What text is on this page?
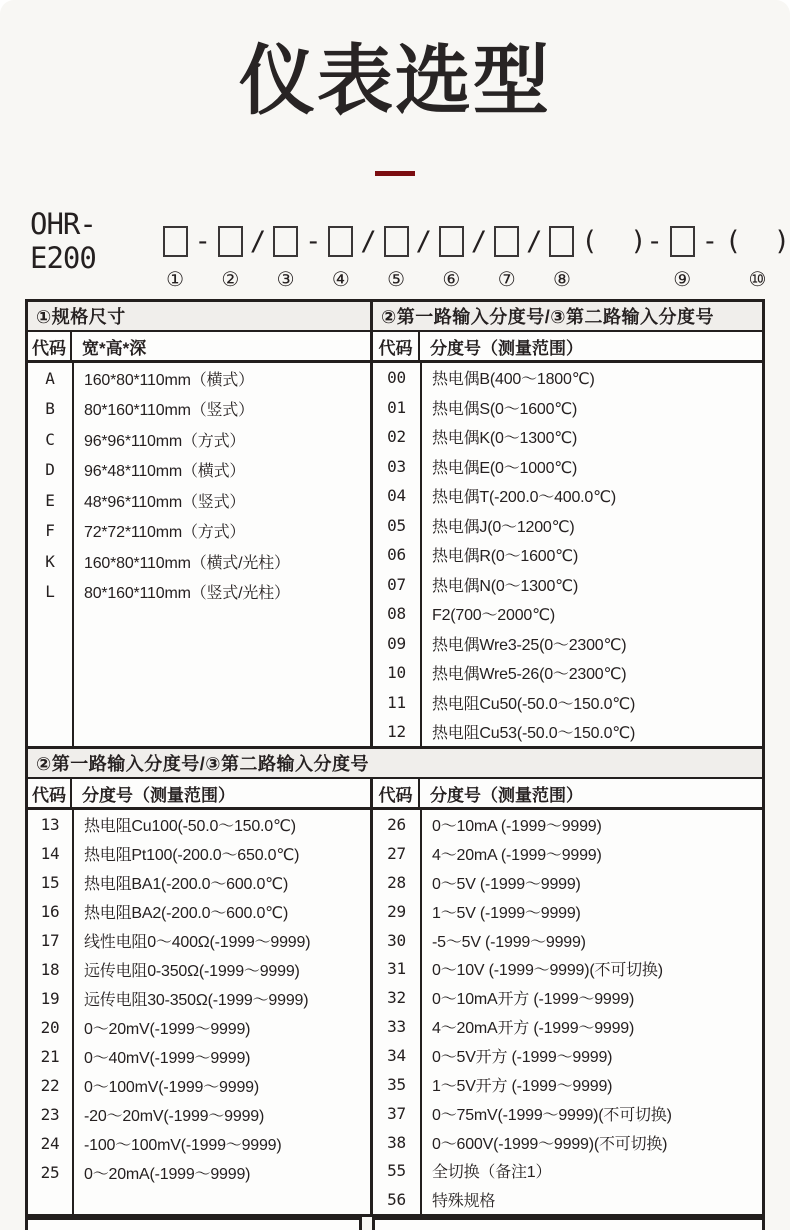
仪表选型
OHR-E200
①
-
②
/
③
-
④
/
⑤
/
⑥
/
⑦
/
⑧
(  )-
⑨
- (  )
⑩
①规格尺寸
代码 宽*高*深
A	160*80*110mm（横式）
B	80*160*110mm（竖式）
C	96*96*110mm（方式）
D	96*48*110mm（横式）
E	48*96*110mm（竖式）
F	72*72*110mm（方式）
K	160*80*110mm（横式/光柱）
L	80*160*110mm（竖式/光柱）
②第一路输入分度号/③第二路输入分度号
代码	分度号（测量范围）
00	热电偶B(400～1800℃)
01	热电偶S(0～1600℃)
02	热电偶K(0～1300℃)
03	热电偶E(0～1000℃)
04	热电偶T(-200.0～400.0℃)
05	热电偶J(0～1200℃)
06	热电偶R(0～1600℃)
07	热电偶N(0～1300℃)
08	F2(700～2000℃)
09	热电偶Wre3-25(0～2300℃)
10	热电偶Wre5-26(0～2300℃)
11	热电阻Cu50(-50.0～150.0℃)
12	热电阻Cu53(-50.0～150.0℃)
②第一路输入分度号/③第二路输入分度号
代码 分度号（测量范围）
13	热电阻Cu100(-50.0～150.0℃)
14	热电阻Pt100(-200.0～650.0℃)
15	热电阻BA1(-200.0～600.0℃)
16	热电阻BA2(-200.0～600.0℃)
17	线性电阻0～400Ω(-1999～9999)
18	远传电阻0-350Ω(-1999～9999)
19	远传电阻30-350Ω(-1999～9999)
20	0～20mV(-1999～9999)
21	0～40mV(-1999～9999)
22	0～100mV(-1999～9999)
23	-20～20mV(-1999～9999)
24	-100～100mV(-1999～9999)
25	0～20mA(-1999～9999)
代码	分度号（测量范围）
26	0～10mA (-1999～9999)
27	4～20mA (-1999～9999)
28	0～5V (-1999～9999)
29	1～5V (-1999～9999)
30	-5～5V (-1999～9999)
31	0～10V (-1999～9999)(不可切换)
32	0～10mA开方 (-1999～9999)
33	4～20mA开方 (-1999～9999)
34	0～5V开方 (-1999～9999)
35	1～5V开方 (-1999～9999)
37	0～75mV(-1999～9999)(不可切换)
38	0～600V(-1999～9999)(不可切换)
55	全切换（备注1）
56	特殊规格
